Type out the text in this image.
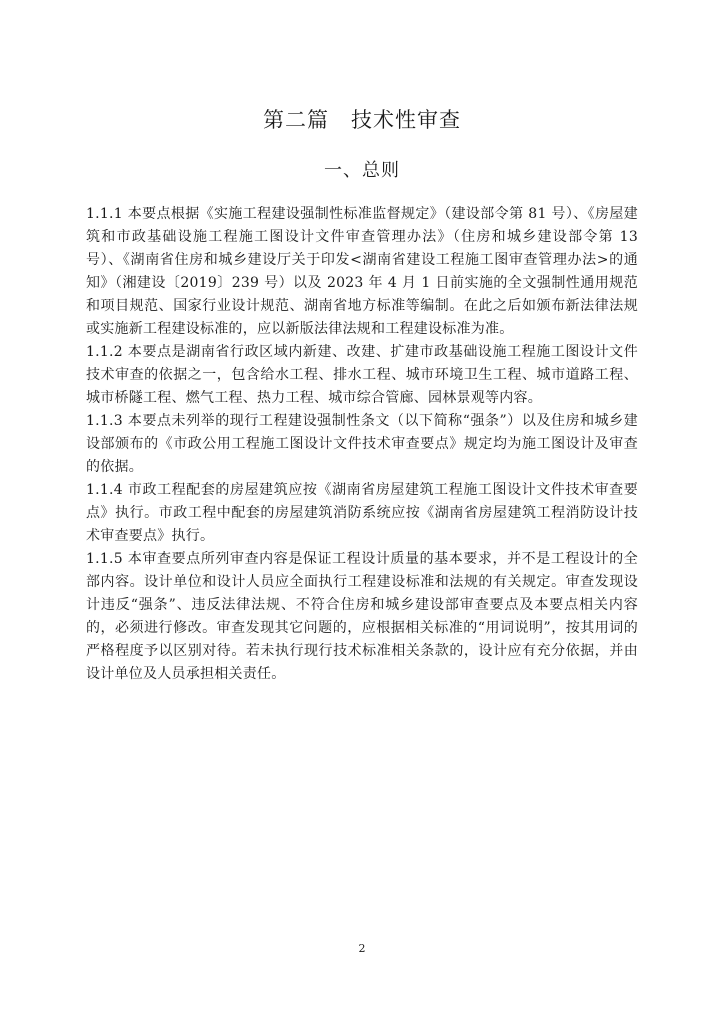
第二篇　技术性审查
一、总则

1.1.1 本要点根据《实施工程建设强制性标准监督规定》（建设部令第 81 号）、《房屋建筑和市政基础设施工程施工图设计文件审查管理办法》（住房和城乡建设部令第 13 号）、《湖南省住房和城乡建设厅关于印发<湖南省建设工程施工图审查管理办法>的通知》（湘建设〔2019〕239 号）以及 2023 年 4 月 1 日前实施的全文强制性通用规范和项目规范、国家行业设计规范、湖南省地方标准等编制。在此之后如颁布新法律法规或实施新工程建设标准的，应以新版法律法规和工程建设标准为准。

1.1.2 本要点是湖南省行政区域内新建、改建、扩建市政基础设施工程施工图设计文件技术审查的依据之一，包含给水工程、排水工程、城市环境卫生工程、城市道路工程、城市桥隧工程、燃气工程、热力工程、城市综合管廊、园林景观等内容。

1.1.3 本要点未列举的现行工程建设强制性条文（以下简称“强条”）以及住房和城乡建设部颁布的《市政公用工程施工图设计文件技术审查要点》规定均为施工图设计及审查的依据。

1.1.4 市政工程配套的房屋建筑应按《湖南省房屋建筑工程施工图设计文件技术审查要点》执行。市政工程中配套的房屋建筑消防系统应按《湖南省房屋建筑工程消防设计技术审查要点》执行。

1.1.5 本审查要点所列审查内容是保证工程设计质量的基本要求，并不是工程设计的全部内容。设计单位和设计人员应全面执行工程建设标准和法规的有关规定。审查发现设计违反“强条”、违反法律法规、不符合住房和城乡建设部审查要点及本要点相关内容的，必须进行修改。审查发现其它问题的，应根据相关标准的“用词说明”，按其用词的严格程度予以区别对待。若未执行现行技术标准相关条款的，设计应有充分依据，并由设计单位及人员承担相关责任。

2
